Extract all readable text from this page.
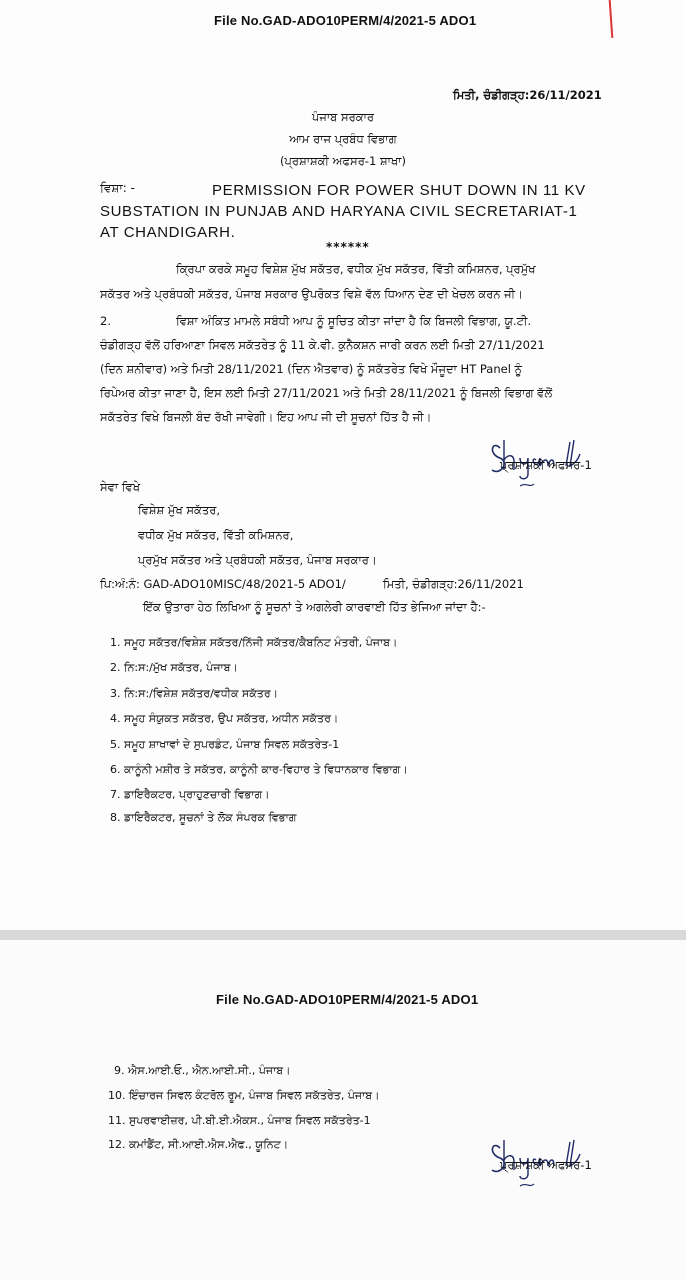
File No.GAD-ADO10PERM/4/2021-5 ADO1
ਮਿਤੀ, ਚੰਡੀਗੜ੍ਹ:26/11/2021
ਪੰਜਾਬ ਸਰਕਾਰ
ਆਮ ਰਾਜ ਪ੍ਰਬੰਧ ਵਿਭਾਗ
(ਪ੍ਰਸ਼ਾਸ਼ਕੀ ਅਫਸਰ-1 ਸ਼ਾਖਾ)
ਵਿਸ਼ਾ: -	PERMISSION FOR POWER SHUT DOWN IN 11 KV
SUBSTATION IN PUNJAB AND HARYANA CIVIL SECRETARIAT-1
AT CHANDIGARH.
******
ਕ੍ਰਿਪਾ ਕਰਕੇ ਸਮੂਹ ਵਿਸ਼ੇਸ਼ ਮੁੱਖ ਸਕੱਤਰ, ਵਧੀਕ ਮੁੱਖ ਸਕੱਤਰ, ਵਿੱਤੀ ਕਮਿਸ਼ਨਰ, ਪ੍ਰਮੁੱਖ
ਸਕੱਤਰ ਅਤੇ ਪ੍ਰਬੰਧਕੀ ਸਕੱਤਰ, ਪੰਜਾਬ ਸਰਕਾਰ ਉਪਰੋਕਤ ਵਿਸ਼ੇ ਵੱਲ ਧਿਆਨ ਦੇਣ ਦੀ ਖੇਚਲ ਕਰਨ ਜੀ।
2.	ਵਿਸ਼ਾ ਅੰਕਿਤ ਮਾਮਲੇ ਸਬੰਧੀ ਆਪ ਨੂੰ ਸੂਚਿਤ ਕੀਤਾ ਜਾਂਦਾ ਹੈ ਕਿ ਬਿਜਲੀ ਵਿਭਾਗ, ਯੂ.ਟੀ.
ਚੰਡੀਗੜ੍ਹ ਵੱਲੋਂ ਹਰਿਆਣਾ ਸਿਵਲ ਸਕੱਤਰੇਤ ਨੂੰ 11 ਕੇ.ਵੀ. ਕੁਨੈਕਸ਼ਨ ਜਾਰੀ ਕਰਨ ਲਈ ਮਿਤੀ 27/11/2021
(ਦਿਨ ਸ਼ਨੀਵਾਰ) ਅਤੇ ਮਿਤੀ 28/11/2021 (ਦਿਨ ਐਤਵਾਰ) ਨੂੰ ਸਕੱਤਰੇਤ ਵਿਖੇ ਮੌਜੂਦਾ HT Panel ਨੂੰ
ਰਿਪੇਅਰ ਕੀਤਾ ਜਾਣਾ ਹੈ, ਇਸ ਲਈ ਮਿਤੀ 27/11/2021 ਅਤੇ ਮਿਤੀ 28/11/2021 ਨੂੰ ਬਿਜਲੀ ਵਿਭਾਗ ਵੱਲੋਂ
ਸਕੱਤਰੇਤ ਵਿਖੇ ਬਿਜਲੀ ਬੰਦ ਰੱਖੀ ਜਾਵੇਗੀ। ਇਹ ਆਪ ਜੀ ਦੀ ਸੂਚਨਾਂ ਹਿੱਤ ਹੈ ਜੀ।
ਪ੍ਰਸ਼ਾਸ਼ਕੀ ਅਫਸਰ-1
ਸੇਵਾ ਵਿਖੇ
ਵਿਸ਼ੇਸ਼ ਮੁੱਖ ਸਕੱਤਰ,
ਵਧੀਕ ਮੁੱਖ ਸਕੱਤਰ, ਵਿੱਤੀ ਕਮਿਸ਼ਨਰ,
ਪ੍ਰਮੁੱਖ ਸਕੱਤਰ ਅਤੇ ਪ੍ਰਬੰਧਕੀ ਸਕੱਤਰ, ਪੰਜਾਬ ਸਰਕਾਰ।
ਪਿ:ਅੰ:ਨੰ: GAD-ADO10MISC/48/2021-5 ADO1/	ਮਿਤੀ, ਚੰਡੀਗੜ੍ਹ:26/11/2021
ਇੱਕ ਉਤਾਰਾ ਹੇਠ ਲਿਖਿਆ ਨੂੰ ਸੂਚਨਾਂ ਤੇ ਅਗਲੇਰੀ ਕਾਰਵਾਈ ਹਿੱਤ ਭੇਜਿਆ ਜਾਂਦਾ ਹੈ:-
1. ਸਮੂਹ ਸਕੱਤਰ/ਵਿਸ਼ੇਸ਼ ਸਕੱਤਰ/ਨਿੱਜੀ ਸਕੱਤਰ/ਕੈਬਨਿਟ ਮੰਤਰੀ, ਪੰਜਾਬ।
2. ਨਿ:ਸ:/ਮੁੱਖ ਸਕੱਤਰ, ਪੰਜਾਬ।
3. ਨਿ:ਸ:/ਵਿਸ਼ੇਸ਼ ਸਕੱਤਰ/ਵਧੀਕ ਸਕੱਤਰ।
4. ਸਮੂਹ ਸੰਯੁਕਤ ਸਕੱਤਰ, ਉਪ ਸਕੱਤਰ, ਅਧੀਨ ਸਕੱਤਰ।
5. ਸਮੂਹ ਸ਼ਾਖਾਵਾਂ ਦੇ ਸੁਪਰਡੰਟ, ਪੰਜਾਬ ਸਿਵਲ ਸਕੱਤਰੇਤ-1
6. ਕਾਨੂੰਨੀ ਮਸ਼ੀਰ ਤੇ ਸਕੱਤਰ, ਕਾਨੂੰਨੀ ਕਾਰ-ਵਿਹਾਰ ਤੇ ਵਿਧਾਨਕਾਰ ਵਿਭਾਗ।
7. ਡਾਇਰੈਕਟਰ, ਪ੍ਰਾਹੁਣਚਾਰੀ ਵਿਭਾਗ।
8. ਡਾਇਰੈਕਟਰ, ਸੂਚਨਾਂ ਤੇ ਲੋਕ ਸੰਪਰਕ ਵਿਭਾਗ
File No.GAD-ADO10PERM/4/2021-5 ADO1
9. ਐਸ.ਆਈ.ਓ., ਐਨ.ਆਈ.ਸੀ., ਪੰਜਾਬ।
10. ਇੰਚਾਰਜ ਸਿਵਲ ਕੰਟਰੋਲ ਰੂਮ, ਪੰਜਾਬ ਸਿਵਲ ਸਕੱਤਰੇਤ, ਪੰਜਾਬ।
11. ਸੁਪਰਵਾਈਜ਼ਰ, ਪੀ.ਬੀ.ਈ.ਐਕਸ., ਪੰਜਾਬ ਸਿਵਲ ਸਕੱਤਰੇਤ-1
12. ਕਮਾਂਡੈਂਟ, ਸੀ.ਆਈ.ਐਸ.ਐਫ., ਯੂਨਿਟ।
ਪ੍ਰਸ਼ਾਸ਼ਕੀ ਅਫਸਰ-1
